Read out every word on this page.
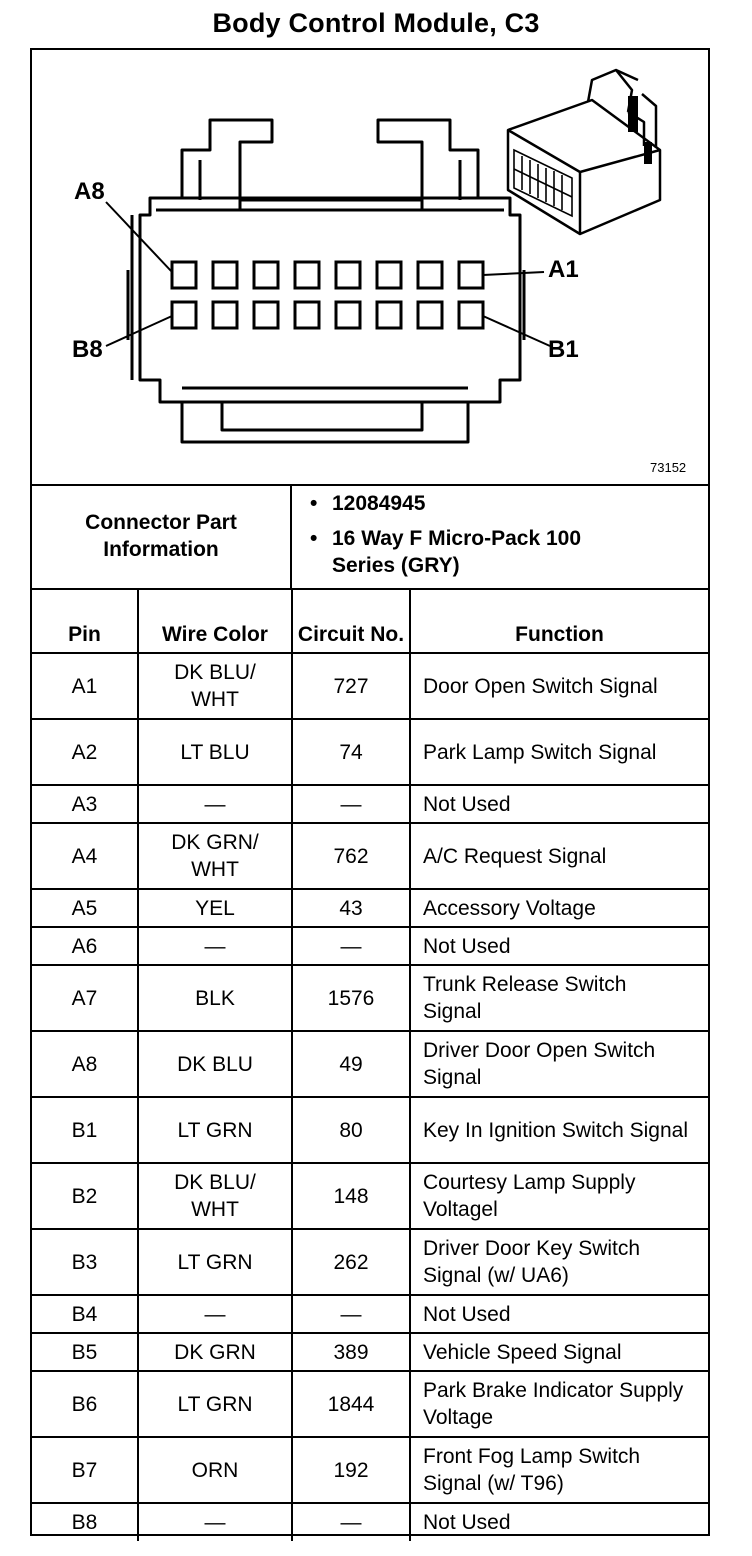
Body Control Module, C3
A8
A1
B8	B1
73152
Connector Part Information
• 12084945
• 16 Way F Micro-Pack 100 Series (GRY)
Pin	Wire Color	Circuit No.	Function
A1	DK BLU/ WHT	727	Door Open Switch Signal
A2	LT BLU	74	Park Lamp Switch Signal
A3	—	—	Not Used
A4	DK GRN/ WHT	762	A/C Request Signal
A5	YEL	43	Accessory Voltage
A6	—	—	Not Used
A7	BLK	1576	Trunk Release Switch Signal
A8	DK BLU	49	Driver Door Open Switch Signal
B1	LT GRN	80	Key In Ignition Switch Signal
B2	DK BLU/ WHT	148	Courtesy Lamp Supply Voltagel
B3	LT GRN	262	Driver Door Key Switch Signal (w/ UA6)
B4	—	—	Not Used
B5	DK GRN	389	Vehicle Speed Signal
B6	LT GRN	1844	Park Brake Indicator Supply Voltage
B7	ORN	192	Front Fog Lamp Switch Signal (w/ T96)
B8	—	—	Not Used
